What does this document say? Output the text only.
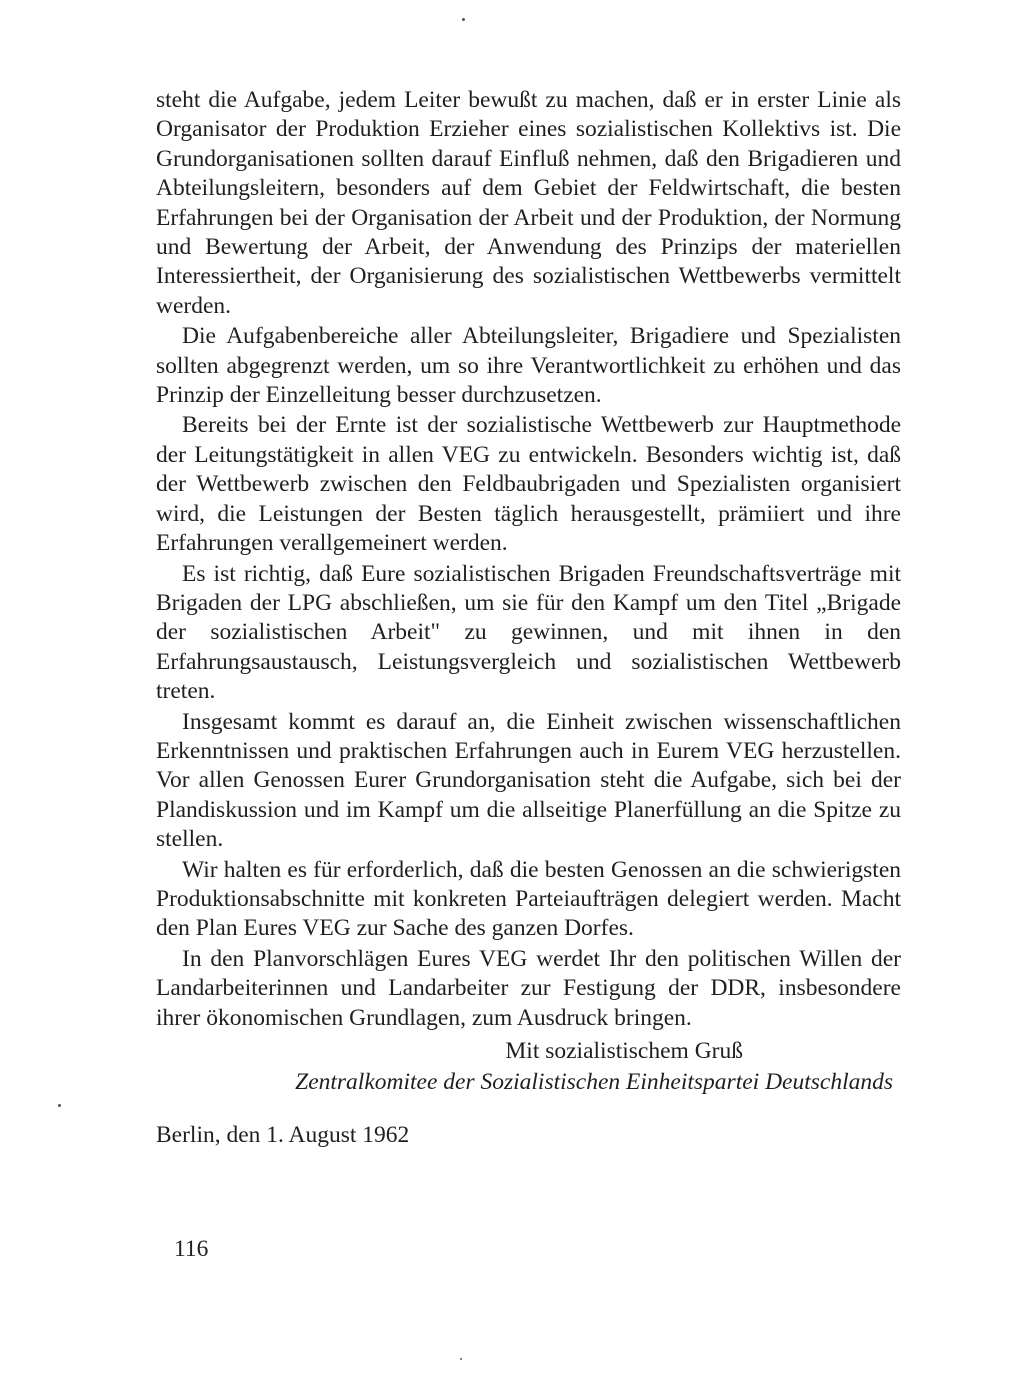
steht die Aufgabe, jedem Leiter bewußt zu machen, daß er in erster Linie als Organisator der Produktion Erzieher eines sozialistischen Kollektivs ist. Die Grundorganisationen sollten darauf Einfluß nehmen, daß den Brigadieren und Abteilungsleitern, besonders auf dem Gebiet der Feldwirtschaft, die besten Erfahrungen bei der Organisation der Arbeit und der Produktion, der Normung und Bewertung der Arbeit, der Anwendung des Prinzips der materiellen Interessiertheit, der Organisierung des sozialistischen Wettbewerbs vermittelt werden.

Die Aufgabenbereiche aller Abteilungsleiter, Brigadiere und Spezialisten sollten abgegrenzt werden, um so ihre Verantwortlichkeit zu erhöhen und das Prinzip der Einzelleitung besser durchzusetzen.

Bereits bei der Ernte ist der sozialistische Wettbewerb zur Hauptmethode der Leitungstätigkeit in allen VEG zu entwickeln. Besonders wichtig ist, daß der Wettbewerb zwischen den Feldbaubrigaden und Spezialisten organisiert wird, die Leistungen der Besten täglich herausgestellt, prämiiert und ihre Erfahrungen verallgemeinert werden.

Es ist richtig, daß Eure sozialistischen Brigaden Freundschaftsverträge mit Brigaden der LPG abschließen, um sie für den Kampf um den Titel „Brigade der sozialistischen Arbeit" zu gewinnen, und mit ihnen in den Erfahrungsaustausch, Leistungsvergleich und sozialistischen Wettbewerb treten.

Insgesamt kommt es darauf an, die Einheit zwischen wissenschaftlichen Erkenntnissen und praktischen Erfahrungen auch in Eurem VEG herzustellen. Vor allen Genossen Eurer Grundorganisation steht die Aufgabe, sich bei der Plandiskussion und im Kampf um die allseitige Planerfüllung an die Spitze zu stellen.

Wir halten es für erforderlich, daß die besten Genossen an die schwierigsten Produktionsabschnitte mit konkreten Parteiaufträgen delegiert werden. Macht den Plan Eures VEG zur Sache des ganzen Dorfes.

In den Planvorschlägen Eures VEG werdet Ihr den politischen Willen der Landarbeiterinnen und Landarbeiter zur Festigung der DDR, insbesondere ihrer ökonomischen Grundlagen, zum Ausdruck bringen.

Mit sozialistischem Gruß
Zentralkomitee der Sozialistischen Einheitspartei Deutschlands
Berlin, den 1. August 1962
116
